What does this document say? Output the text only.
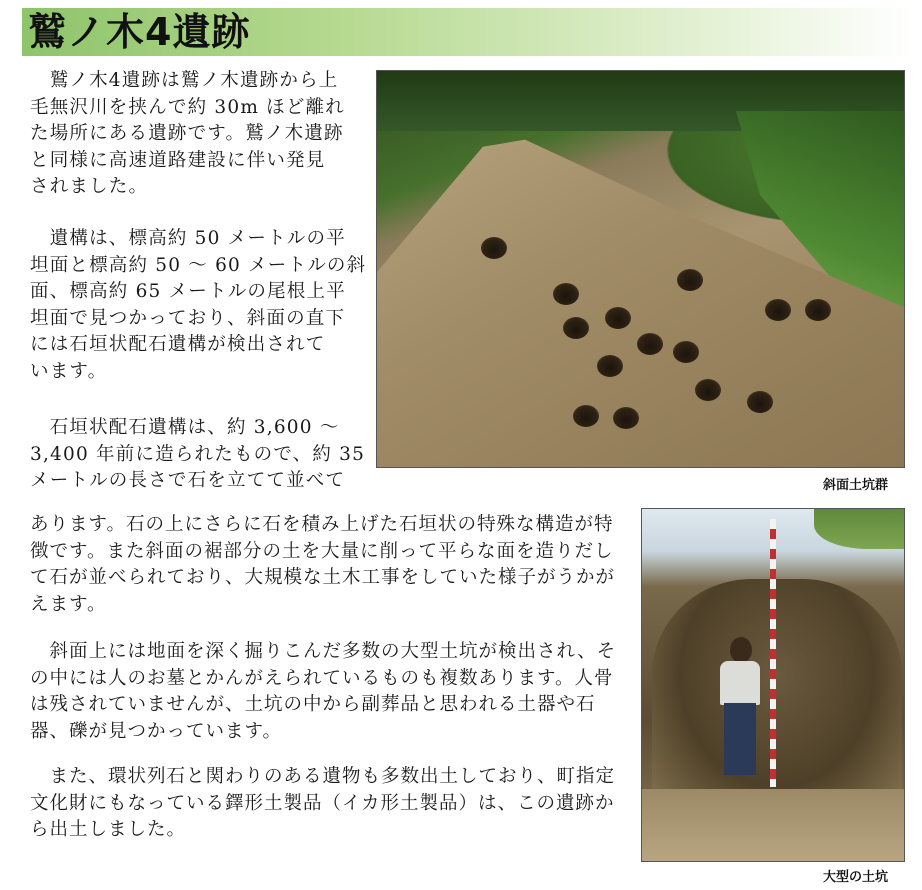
鷲ノ木4遺跡
　鷲ノ木4遺跡は鷲ノ木遺跡から上
毛無沢川を挟んで約 30m ほど離れ
た場所にある遺跡です。鷲ノ木遺跡
と同様に高速道路建設に伴い発見
されました。
　遺構は、標高約 50 メートルの平
坦面と標高約 50 ～ 60 メートルの斜
面、標高約 65 メートルの尾根上平
坦面で見つかっており、斜面の直下
には石垣状配石遺構が検出されて
います。
　石垣状配石遺構は、約 3,600 ～
3,400 年前に造られたもので、約 35
メートルの長さで石を立てて並べて
あります。石の上にさらに石を積み上げた石垣状の特殊な構造が特
徴です。また斜面の裾部分の土を大量に削って平らな面を造りだし
て石が並べられており、大規模な土木工事をしていた様子がうかが
えます。
　斜面上には地面を深く掘りこんだ多数の大型土坑が検出され、そ
の中には人のお墓とかんがえられているものも複数あります。人骨
は残されていませんが、土坑の中から副葬品と思われる土器や石
器、礫が見つかっています。
　また、環状列石と関わりのある遺物も多数出土しており、町指定
文化財にもなっている鐸形土製品（イカ形土製品）は、この遺跡か
ら出土しました。
斜面土坑群
大型の土坑
